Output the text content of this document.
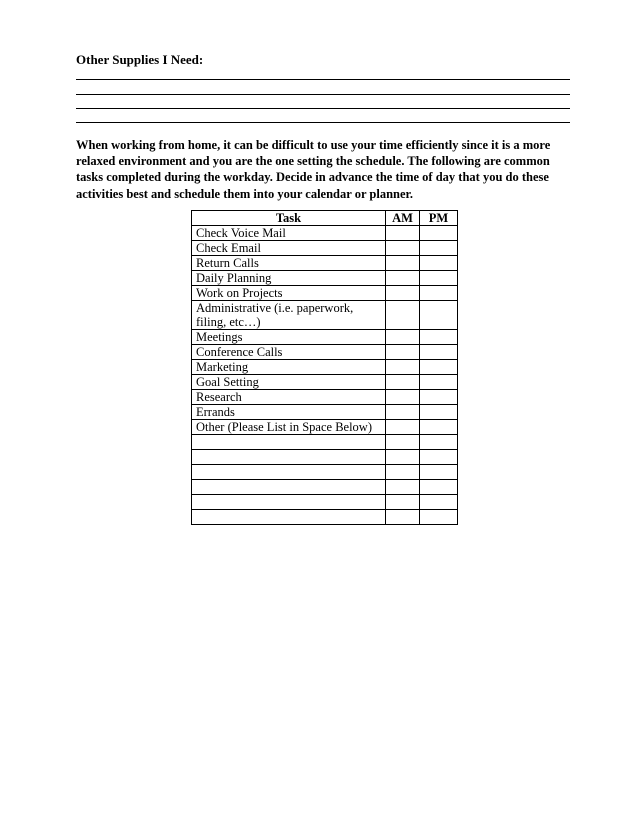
Other Supplies I Need:
When working from home, it can be difficult to use your time efficiently since it is a more relaxed environment and you are the one setting the schedule. The following are common tasks completed during the workday. Decide in advance the time of day that you do these activities best and schedule them into your calendar or planner.
Task	AM	PM
Check Voice Mail		
Check Email		
Return Calls		
Daily Planning		
Work on Projects		
Administrative (i.e. paperwork, filing, etc…)		
Meetings		
Conference Calls		
Marketing		
Goal Setting		
Research		
Errands		
Other (Please List in Space Below)		
